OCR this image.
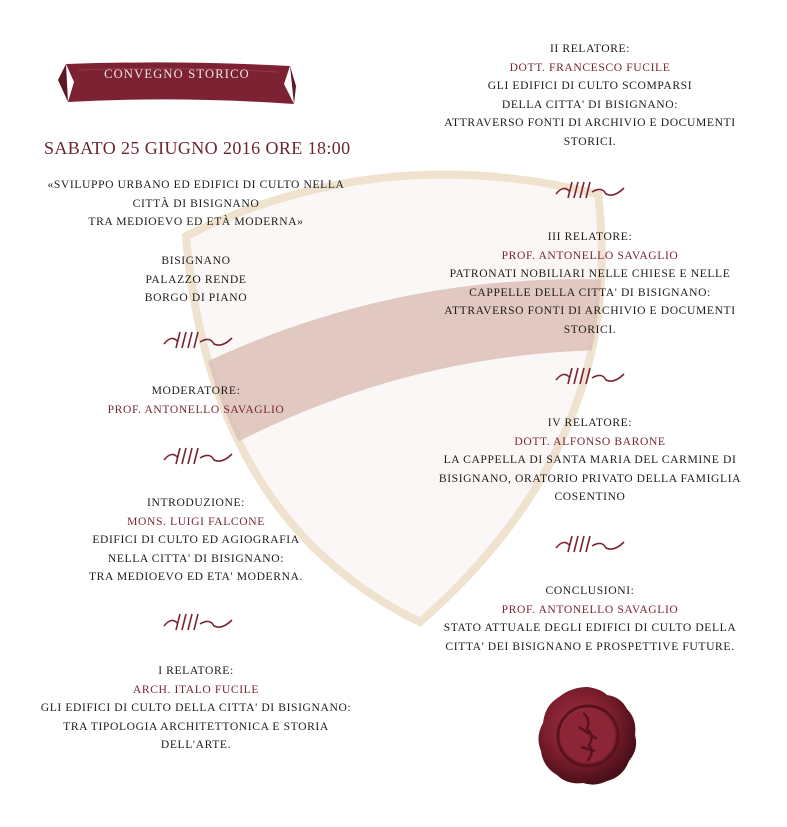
CONVEGNO STORICO
SABATO 25 GIUGNO 2016 ORE 18:00
«SVILUPPO URBANO ED EDIFICI DI CULTO NELLA
CITTÀ DI BISIGNANO
TRA MEDIOEVO ED ETÀ MODERNA»
BISIGNANO
PALAZZO RENDE
BORGO DI PIANO
MODERATORE:
PROF. ANTONELLO SAVAGLIO
INTRODUZIONE:
MONS. LUIGI FALCONE
EDIFICI DI CULTO ED AGIOGRAFIA
NELLA CITTA' DI BISIGNANO:
TRA MEDIOEVO ED ETA' MODERNA.
I RELATORE:
ARCH. ITALO FUCILE
GLI EDIFICI DI CULTO DELLA CITTA' DI BISIGNANO:
TRA TIPOLOGIA ARCHITETTONICA E STORIA
DELL'ARTE.
II RELATORE:
DOTT. FRANCESCO FUCILE
GLI EDIFICI DI CULTO SCOMPARSI
DELLA CITTA' DI BISIGNANO:
ATTRAVERSO FONTI DI ARCHIVIO E DOCUMENTI
STORICI.
III RELATORE:
PROF. ANTONELLO SAVAGLIO
PATRONATI NOBILIARI NELLE CHIESE E NELLE
CAPPELLE DELLA CITTA' DI BISIGNANO:
ATTRAVERSO FONTI DI ARCHIVIO E DOCUMENTI
STORICI.
IV RELATORE:
DOTT. ALFONSO BARONE
LA CAPPELLA DI SANTA MARIA DEL CARMINE DI
BISIGNANO, ORATORIO PRIVATO DELLA FAMIGLIA
COSENTINO
CONCLUSIONI:
PROF. ANTONELLO SAVAGLIO
STATO ATTUALE DEGLI EDIFICI DI CULTO DELLA
CITTA' DEI BISIGNANO E PROSPETTIVE FUTURE.
